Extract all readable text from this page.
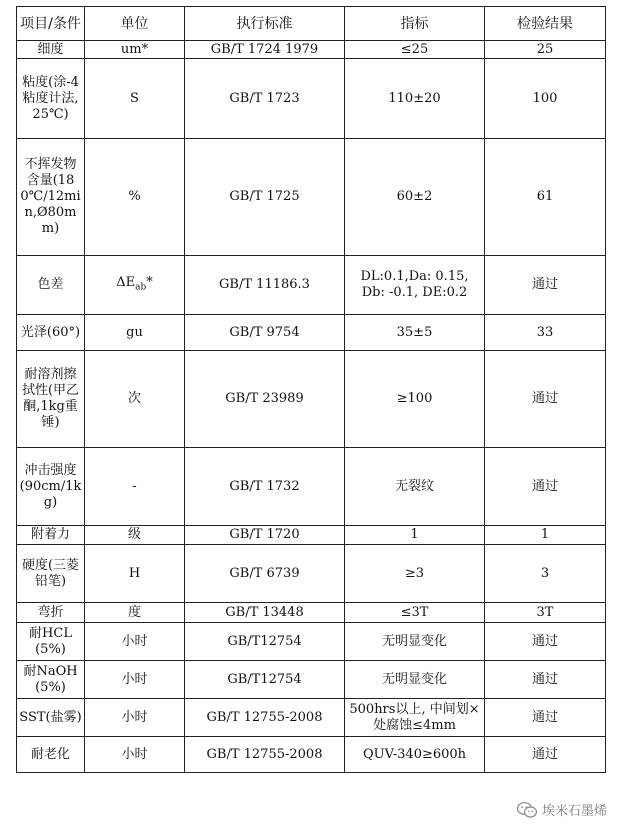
项目/条件	单位	执行标准	指标	检验结果
细度	um*	GB/T 1724 1979	≤25	25
粘度(涂-4粘度计法,25℃)	S	GB/T 1723	110±20	100
不挥发物含量(180℃/12min,Ø80mm)	%	GB/T 1725	60±2	61
色差	$\Delta E_{ab}*$	GB/T 11186.3	DL:0.1,Da: 0.15, Db: -0.1, DE:0.2	通过
光泽(60°)	gu	GB/T 9754	35±5	33
耐溶剂擦拭性(甲乙酮,1kg重锤)	次	GB/T 23989	≥100	通过
冲击强度(90cm/1kg)	-	GB/T 1732	无裂纹	通过
附着力	级	GB/T 1720	1	1
硬度(三菱铅笔)	H	GB/T 6739	≥3	3
弯折	度	GB/T 13448	≤3T	3T
耐HCL(5%)	小时	GB/T12754	无明显变化	通过
耐NaOH(5%)	小时	GB/T12754	无明显变化	通过
SST(盐雾)	小时	GB/T 12755-2008	500hrs以上, 中间划×处腐蚀≤4mm	通过
耐老化	小时	GB/T 12755-2008	QUV-340≥600h	通过
埃米石墨烯
